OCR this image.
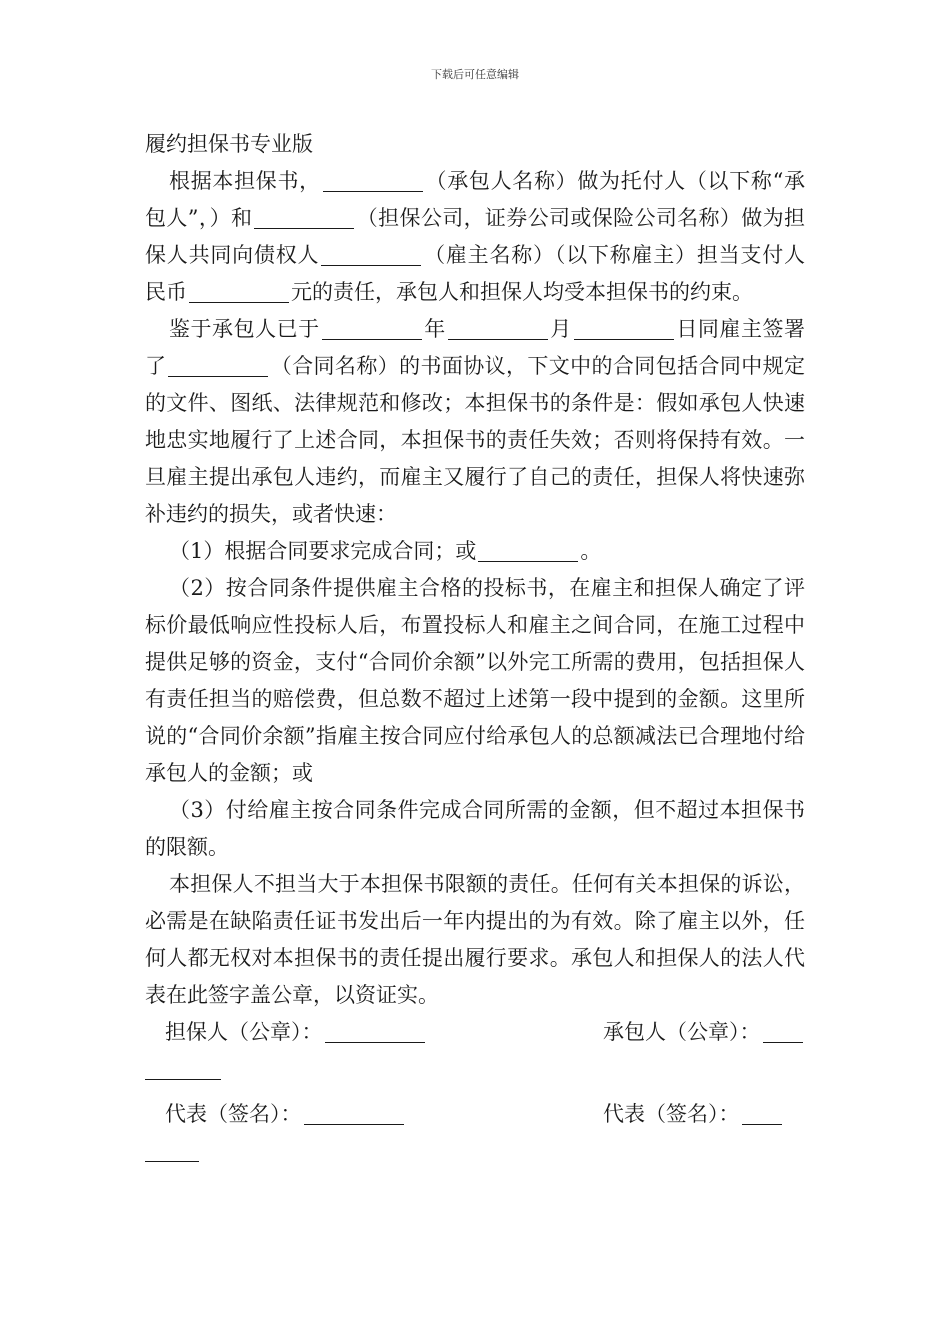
下载后可任意编辑

履约担保书专业版

根据本担保书，	（承包人名称）做为托付人（以下称“承包人”，）和	（担保公司，证券公司或保险公司名称）做为担保人共同向债权人	（雇主名称）（以下称雇主）担当支付人民币	元的责任，承包人和担保人均受本担保书的约束。

鉴于承包人已于	年	月	日同雇主签署了	（合同名称）的书面协议，下文中的合同包括合同中规定的文件、图纸、法律规范和修改；本担保书的条件是：假如承包人快速地忠实地履行了上述合同，本担保书的责任失效；否则将保持有效。一旦雇主提出承包人违约，而雇主又履行了自己的责任，担保人将快速弥补违约的损失，或者快速：

（1）根据合同要求完成合同；或	。

（2）按合同条件提供雇主合格的投标书，在雇主和担保人确定了评标价最低响应性投标人后，布置投标人和雇主之间合同，在施工过程中提供足够的资金，支付“合同价余额”以外完工所需的费用，包括担保人有责任担当的赔偿费，但总数不超过上述第一段中提到的金额。这里所说的“合同价余额”指雇主按合同应付给承包人的总额减法已合理地付给承包人的金额；或

（3）付给雇主按合同条件完成合同所需的金额，但不超过本担保书的限额。

本担保人不担当大于本担保书限额的责任。任何有关本担保的诉讼，必需是在缺陷责任证书发出后一年内提出的为有效。除了雇主以外，任何人都无权对本担保书的责任提出履行要求。承包人和担保人的法人代表在此签字盖公章，以资证实。

担保人（公章）：	承包人（公章）：
代表（签名）：	代表（签名）：
